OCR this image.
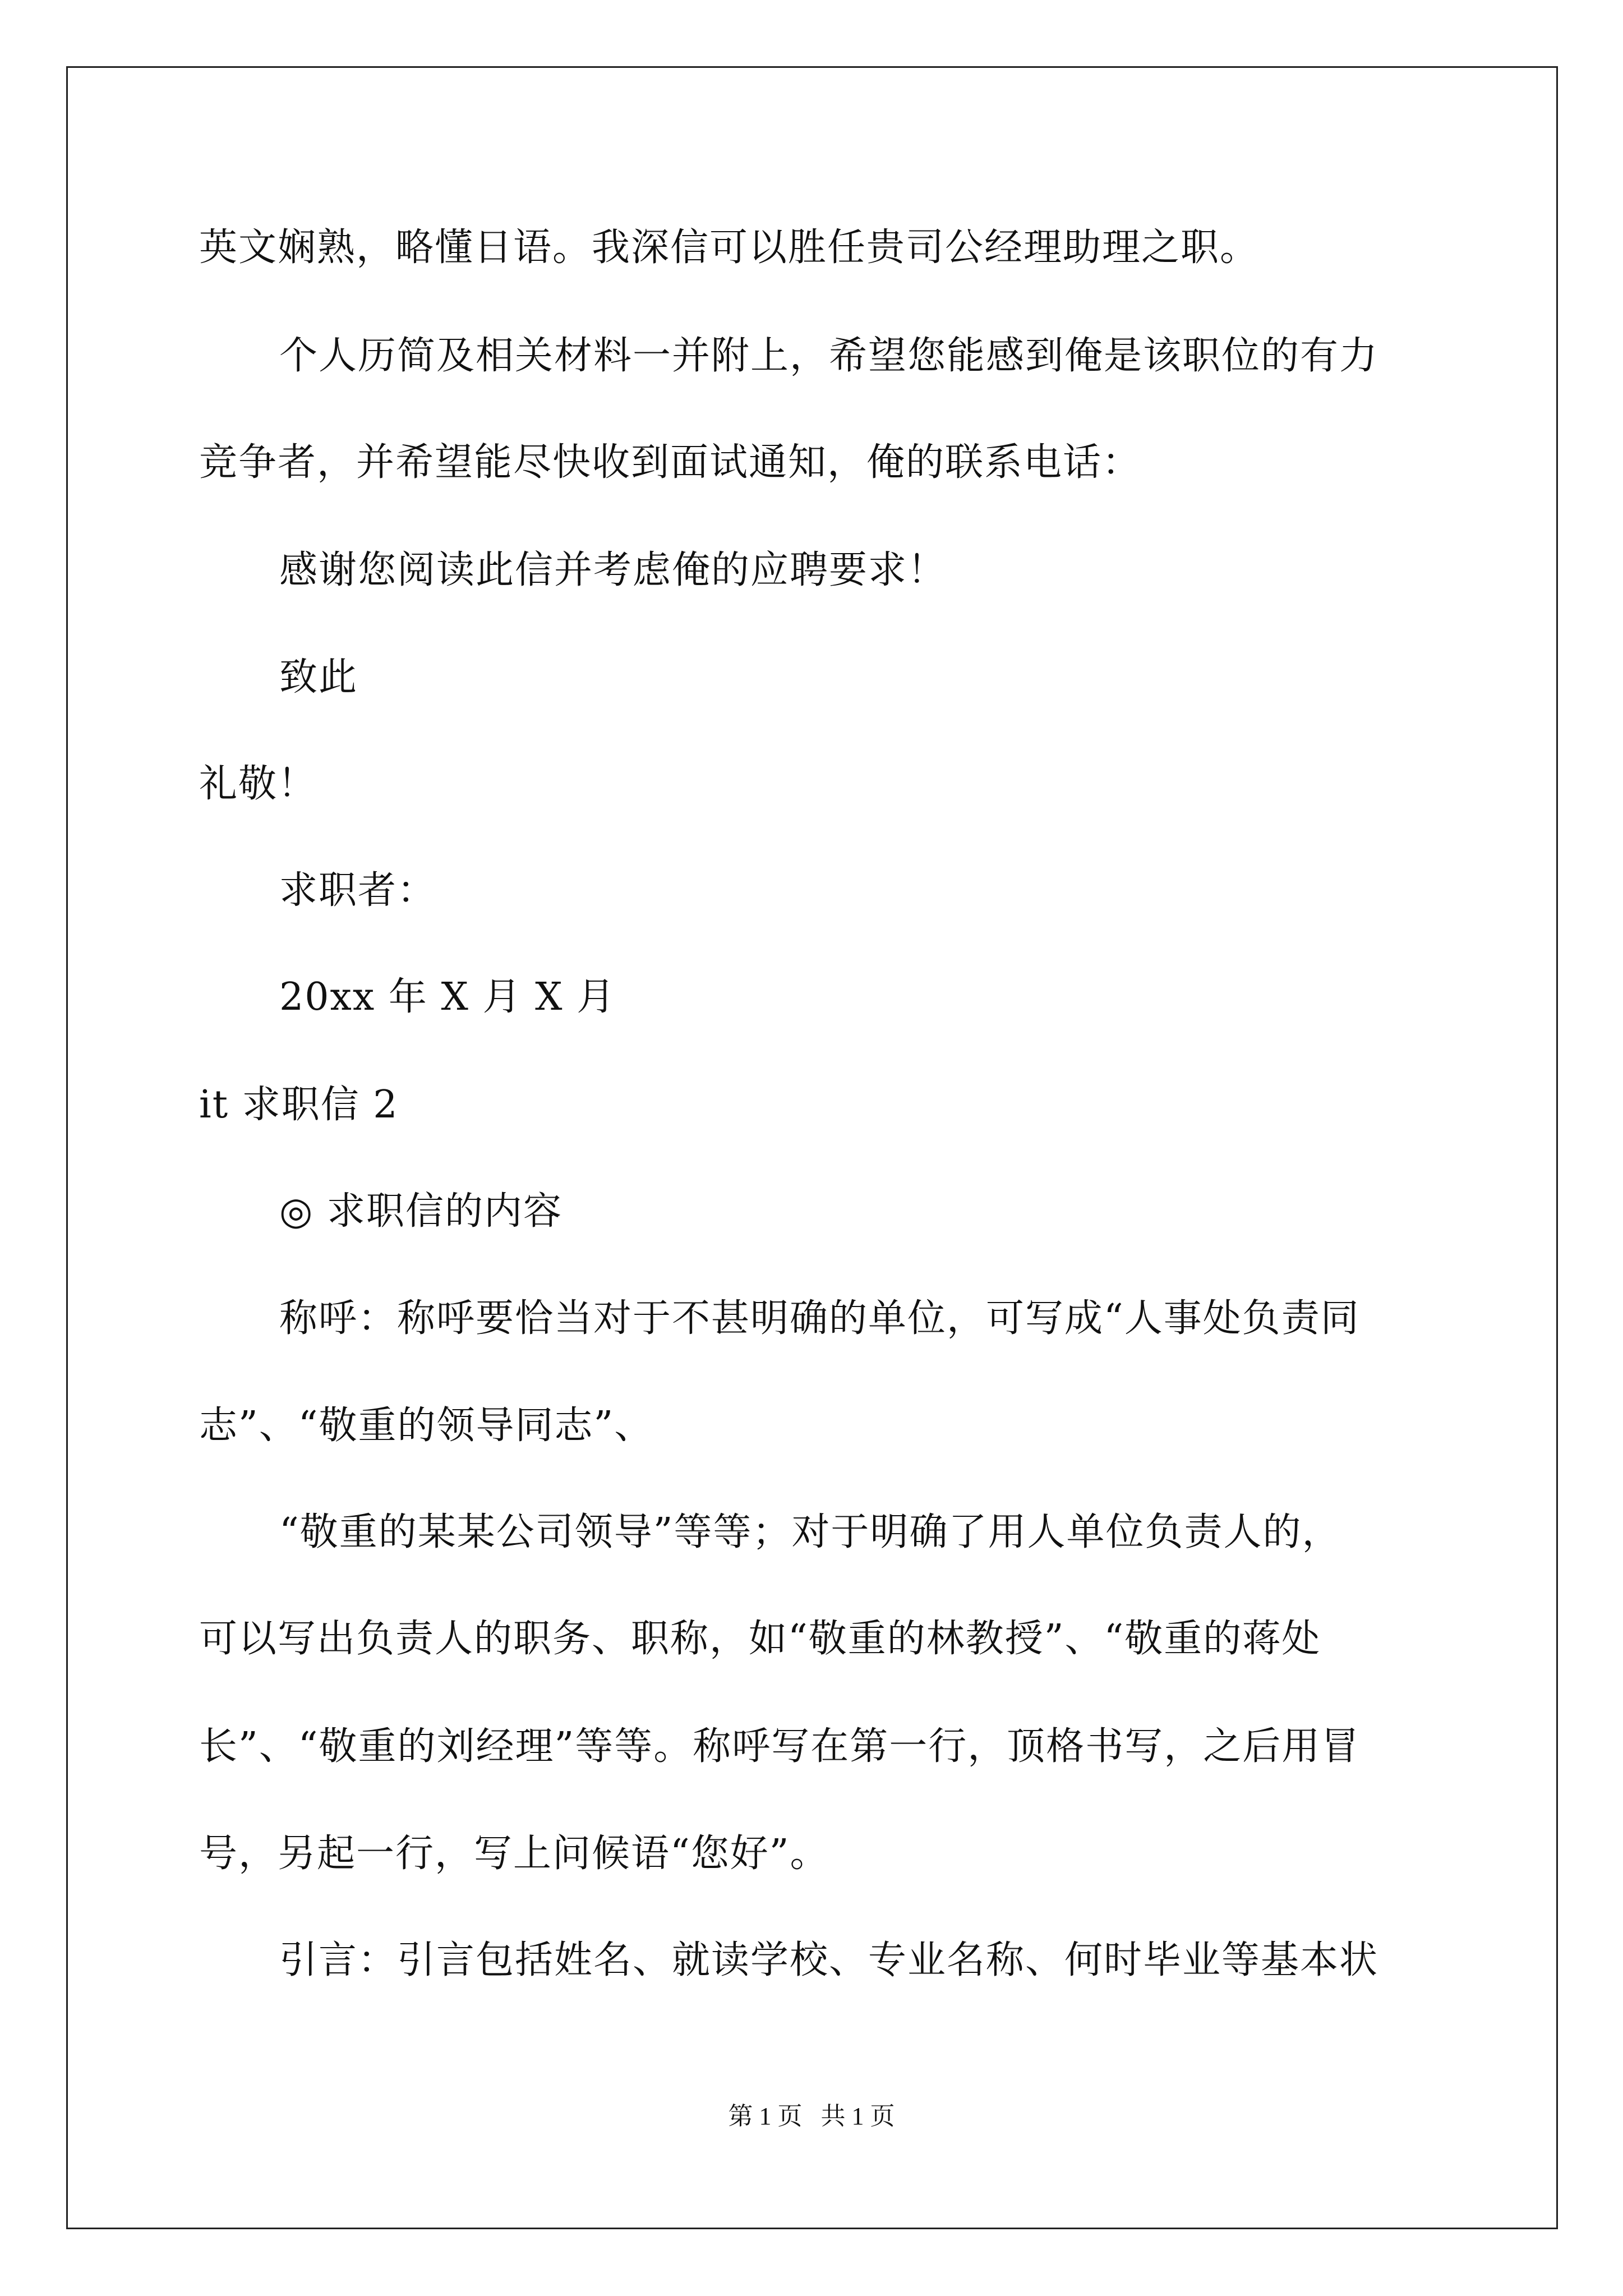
英文娴熟，略懂日语。我深信可以胜任贵司公经理助理之职。
个人历简及相关材料一并附上，希望您能感到俺是该职位的有力
竞争者，并希望能尽快收到面试通知，俺的联系电话：
感谢您阅读此信并考虑俺的应聘要求！
致此
礼敬！
求职者：
20xx 年 X 月 X 月
it 求职信 2
◎ 求职信的内容
称呼：称呼要恰当对于不甚明确的单位，可写成“人事处负责同
志”、“敬重的领导同志”、
“敬重的某某公司领导”等等；对于明确了用人单位负责人的，
可以写出负责人的职务、职称，如“敬重的林教授”、“敬重的蒋处
长”、“敬重的刘经理”等等。称呼写在第一行，顶格书写，之后用冒
号，另起一行，写上问候语“您好”。
引言：引言包括姓名、就读学校、专业名称、何时毕业等基本状
第 1 页   共 1 页
